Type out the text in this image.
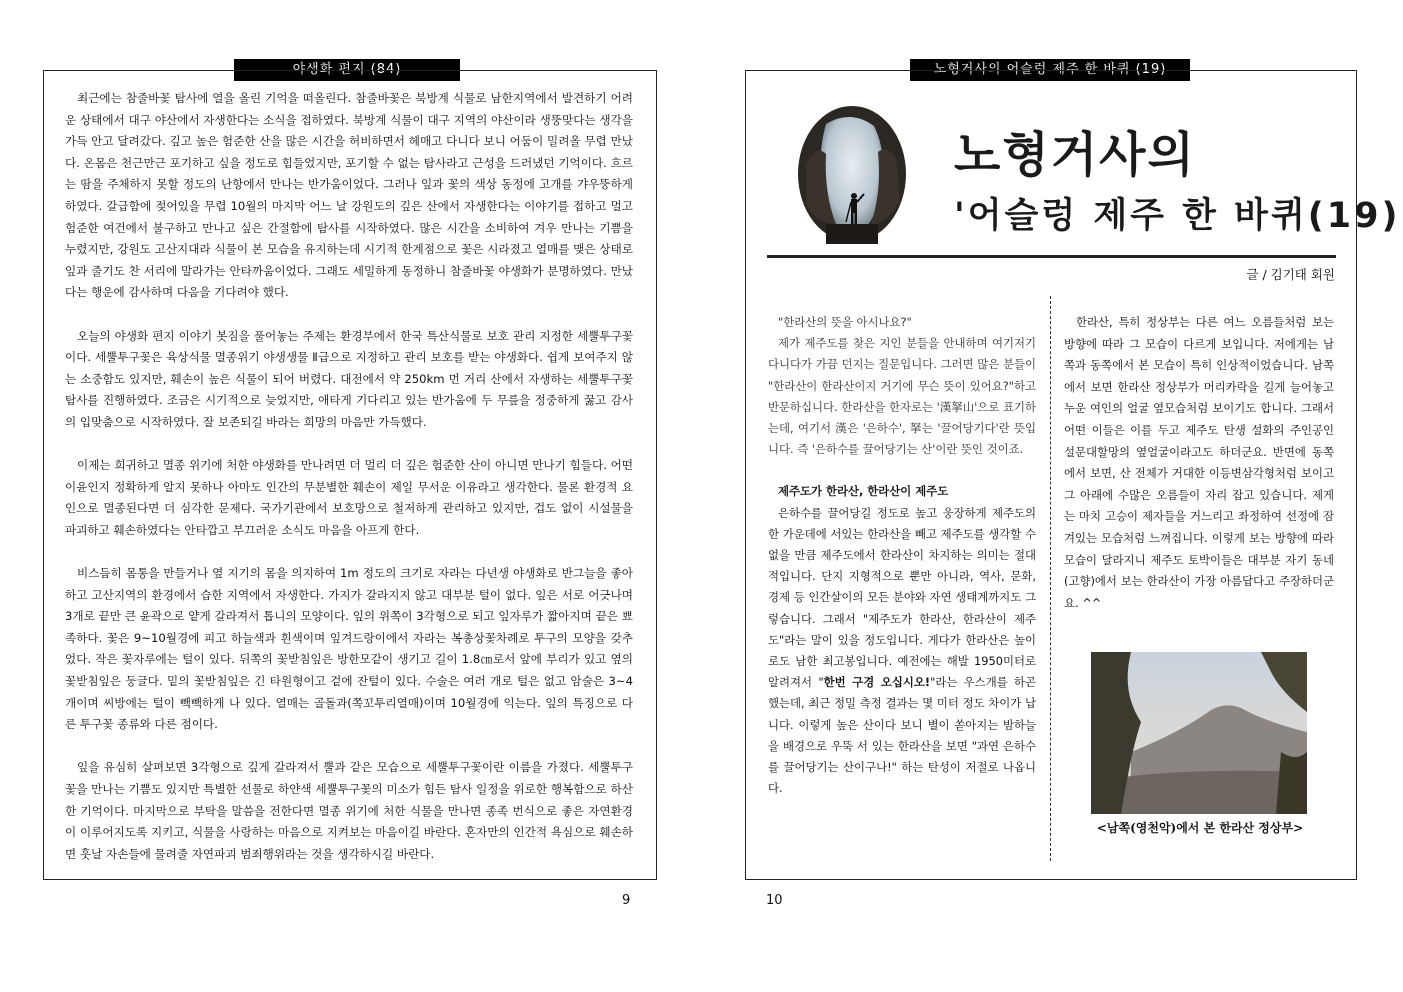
야생화 편지 (84)

최근에는 참줄바꽃 탐사에 열을 올린 기억을 떠올린다. 참줄바꽃은 북방계 식물로 남한지역에서 발견하기 어려운 상태에서 대구 야산에서 자생한다는 소식을 접하였다. 북방계 식물이 대구 지역의 야산이라 생뚱맞다는 생각을 가득 안고 달려갔다. 깊고 높은 험준한 산을 많은 시간을 허비하면서 헤매고 다니다 보니 어둠이 밀려올 무렵 만났다. 온몸은 천근만근 포기하고 싶을 정도로 힘들었지만, 포기할 수 없는 탐사라고 근성을 드러냈던 기억이다. 흐르는 땀을 주체하지 못할 정도의 난항에서 만나는 반가움이었다. 그러나 잎과 꽃의 색상 동정에 고개를 갸우뚱하게 하였다. 갈급함에 젖어있을 무렵 10월의 마지막 어느 날 강원도의 깊은 산에서 자생한다는 이야기를 접하고 멀고 험준한 여건에서 불구하고 만나고 싶은 간절함에 탐사를 시작하였다. 많은 시간을 소비하여 겨우 만나는 기쁨을 누렸지만, 강원도 고산지대라 식물이 본 모습을 유지하는데 시기적 한계점으로 꽃은 시라졌고 열매를 맺은 상태로 잎과 줄기도 찬 서리에 말라가는 안타까움이었다. 그래도 세밀하게 동정하니 참줄바꽃 야생화가 분명하였다. 만났다는 행운에 감사하며 다음을 기다려야 했다.

오늘의 야생화 편지 이야기 봇짐을 풀어놓는 주제는 환경부에서 한국 특산식물로 보호 관리 지정한 세뿔투구꽃이다. 세뿔투구꽃은 육상식물 멸종위기 야생생물 Ⅱ급으로 지정하고 관리 보호를 받는 야생화다. 쉽게 보여주지 않는 소중함도 있지만, 훼손이 높은 식물이 되어 버렸다. 대전에서 약 250km 먼 거리 산에서 자생하는 세뿔투구꽃 탐사를 진행하였다. 조금은 시기적으로 늦었지만, 애타게 기다리고 있는 반가움에 두 무릎을 정중하게 꿇고 감사의 입맞춤으로 시작하였다. 잘 보존되길 바라는 희망의 마음만 가득했다.

이제는 희귀하고 멸종 위기에 처한 야생화를 만나려면 더 멀리 더 깊은 험준한 산이 아니면 만나기 힘들다. 어떤 이윤인지 정확하게 알지 못하나 아마도 인간의 무분별한 훼손이 제일 무서운 이유라고 생각한다. 물론 환경적 요인으로 멸종된다면 더 심각한 문제다. 국가기관에서 보호망으로 철저하게 관리하고 있지만, 겁도 없이 시설물을 파괴하고 훼손하였다는 안타깝고 부끄러운 소식도 마음을 아프게 한다.

비스듬히 몸통을 만들거나 옆 지기의 몸을 의지하여 1m 정도의 크기로 자라는 다년생 야생화로 반그늘을 좋아하고 고산지역의 환경에서 습한 지역에서 자생한다. 가지가 갈라지지 않고 대부분 털이 없다. 잎은 서로 어긋나며 3개로 끝만 큰 윤곽으로 얕게 갈라져서 톱니의 모양이다. 잎의 위쪽이 3각형으로 되고 잎자루가 짧아지며 끝은 뾰족하다. 꽃은 9~10월경에 피고 하늘색과 흰색이며 잎겨드랑이에서 자라는 복총상꽃차례로 투구의 모양을 갖추었다. 작은 꽃자루에는 털이 있다. 뒤쪽의 꽃받침잎은 방한모같이 생기고 길이 1.8㎝로서 앞에 부리가 있고 옆의 꽃받침잎은 둥글다. 밑의 꽃받침잎은 긴 타원형이고 겉에 잔털이 있다. 수술은 여러 개로 털은 없고 암술은 3~4개이며 씨방에는 털이 빽빽하게 나 있다. 열매는 골돌과(쪽꼬투리열매)이며 10월경에 익는다. 잎의 특징으로 다른 투구꽃 종류와 다른 점이다.

잎을 유심히 살펴보면 3각형으로 깊게 갈라져서 뿔과 같은 모습으로 세뿔투구꽃이란 이름을 가졌다. 세뿔투구꽃을 만나는 기쁨도 있지만 특별한 선물로 하얀색 세뿔투구꽃의 미소가 힘든 탐사 일정을 위로한 행복함으로 하산한 기억이다. 마지막으로 부탁을 말씀을 전한다면 멸종 위기에 처한 식물을 만나면 종족 번식으로 좋은 자연환경이 이루어지도록 지키고, 식물을 사랑하는 마음으로 지켜보는 마음이길 바란다. 혼자만의 인간적 욕심으로 훼손하면 훗날 자손들에 물려줄 자연파괴 범죄행위라는 것을 생각하시길 바란다.

9
노형거사의 어슬렁 제주 한 바퀴 (19)
노형거사의
'어슬렁 제주 한 바퀴(19)
글 / 김기태 회원

"한라산의 뜻을 아시나요?"

제가 제주도를 찾은 지인 분들을 안내하며 여기저기 다니다가 가끔 던지는 질문입니다. 그러면 많은 분들이 "한라산이 한라산이지 거기에 무슨 뜻이 있어요?"하고 반문하십니다. 한라산을 한자로는 '漢拏山'으로 표기하는데, 여기서 漢은 '은하수', 拏는 '끌어당기다'란 뜻입니다. 즉 '은하수를 끌어당기는 산'이란 뜻인 것이죠.

제주도가 한라산, 한라산이 제주도

은하수를 끌어당길 정도로 높고 웅장하게 제주도의 한 가운데에 서있는 한라산을 빼고 제주도를 생각할 수 없을 만큼 제주도에서 한라산이 차지하는 의미는 절대적입니다. 단지 지형적으로 뿐만 아니라, 역사, 문화, 경제 등 인간살이의 모든 분야와 자연 생태계까지도 그렇습니다. 그래서 "제주도가 한라산, 한라산이 제주도"라는 말이 있을 정도입니다. 게다가 한라산은 높이로도 남한 최고봉입니다. 예전에는 해발 1950미터로 알려져서 "한번 구경 오십시오!"라는 우스개를 하곤 했는데, 최근 정밀 측정 결과는 몇 미터 정도 차이가 납니다. 이렇게 높은 산이다 보니 별이 쏟아지는 밤하늘을 배경으로 우뚝 서 있는 한라산을 보면 "과연 은하수를 끌어당기는 산이구나!" 하는 탄성이 저절로 나옵니다.

한라산, 특히 정상부는 다른 여느 오름들처럼 보는 방향에 따라 그 모습이 다르게 보입니다. 저에게는 남쪽과 동쪽에서 본 모습이 특히 인상적이었습니다. 남쪽에서 보면 한라산 정상부가 머리카락을 길게 늘어놓고 누운 여인의 얼굴 옆모습처럼 보이기도 합니다. 그래서 어떤 이들은 이를 두고 제주도 탄생 설화의 주인공인 설문대할망의 옆얼굴이라고도 하더군요. 반면에 동쪽에서 보면, 산 전체가 거대한 이등변삼각형처럼 보이고 그 아래에 수많은 오름들이 자리 잡고 있습니다. 제게는 마치 고승이 제자들을 거느리고 좌정하여 선정에 잠겨있는 모습처럼 느껴집니다. 이렇게 보는 방향에 따라 모습이 달라지니 제주도 토박이들은 대부분 자기 동네(고향)에서 보는 한라산이 가장 아름답다고 주장하더군요. ^^

<남쪽(영천악)에서 본 한라산 정상부>
10
